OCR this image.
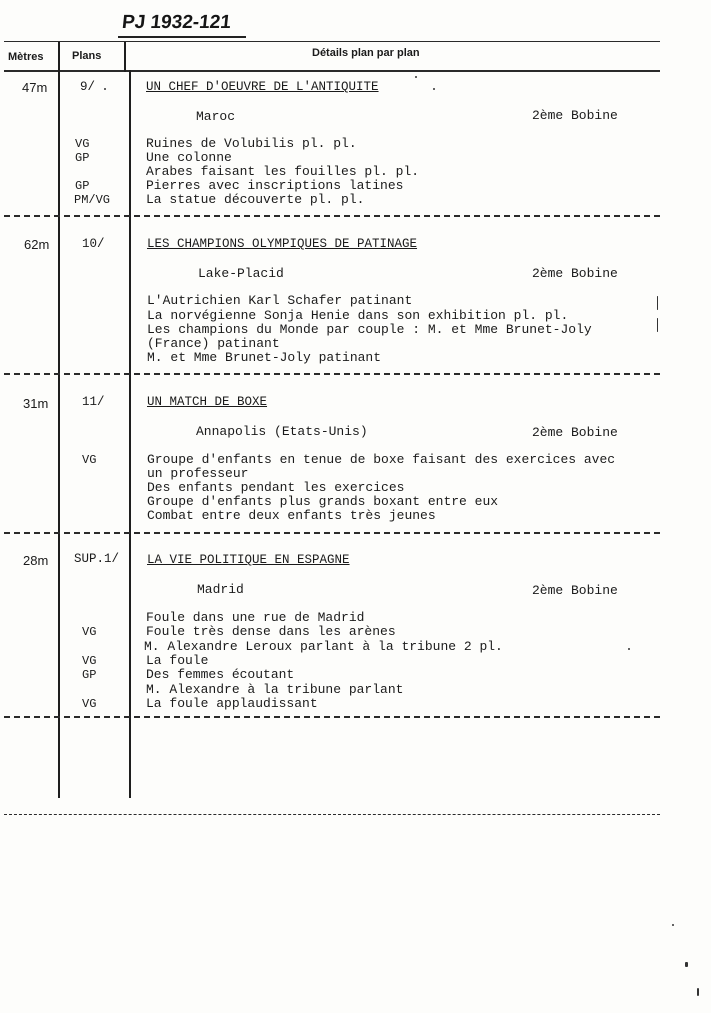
PJ 1932-121
Mètres	Plans	Détails plan par plan
47m	9/	UN CHEF D'OEUVRE DE L'ANTIQUITE
Maroc	2ème Bobine
VG	Ruines de Volubilis pl. pl.
GP	Une colonne
Arabes faisant les fouilles pl. pl.
GP	Pierres avec inscriptions latines
PM/VG	La statue découverte pl. pl.
62m	10/	LES CHAMPIONS OLYMPIQUES DE PATINAGE
Lake-Placid	2ème Bobine
L'Autrichien Karl Schafer patinant
La norvégienne Sonja Henie dans son exhibition pl. pl.
Les champions du Monde par couple : M. et Mme Brunet-Joly
(France) patinant
M. et Mme Brunet-Joly patinant
31m	11/	UN MATCH DE BOXE
Annapolis (Etats-Unis)	2ème Bobine
VG	Groupe d'enfants en tenue de boxe faisant des exercices avec
un professeur
Des enfants pendant les exercices
Groupe d'enfants plus grands boxant entre eux
Combat entre deux enfants très jeunes
28m SUP.1/ LA VIE POLITIQUE EN ESPAGNE
Madrid	2ème Bobine
Foule dans une rue de Madrid
VG	Foule très dense dans les arènes
M. Alexandre Leroux parlant à la tribune 2 pl.
VG	La foule
GP	Des femmes écoutant
M. Alexandre à la tribune parlant
VG	La foule applaudissant
